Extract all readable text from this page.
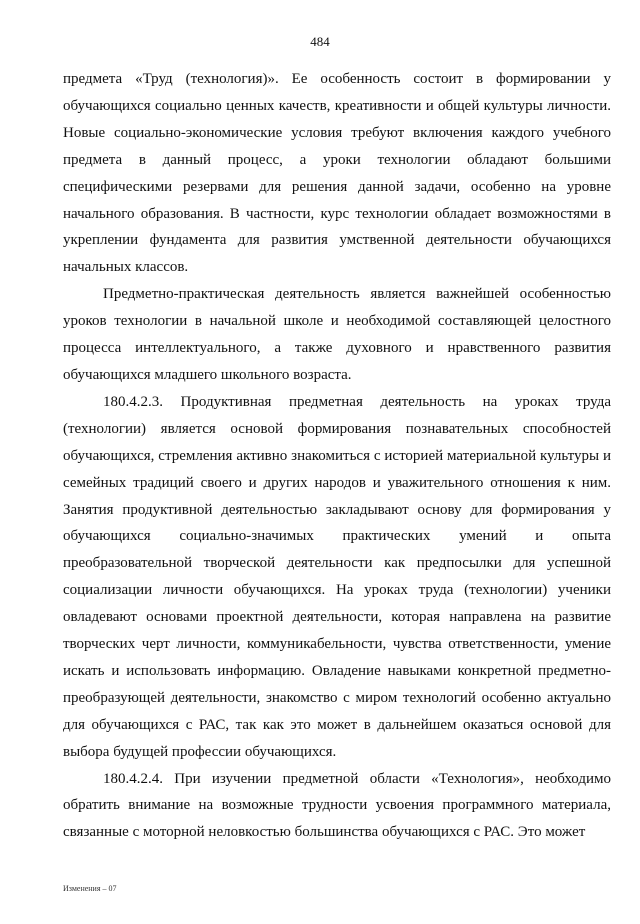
484

предмета «Труд (технология)». Ее особенность состоит в формировании у обучающихся социально ценных качеств, креативности и общей культуры личности. Новые социально-экономические условия требуют включения каждого учебного предмета в данный процесс, а уроки технологии обладают большими специфическими резервами для решения данной задачи, особенно на уровне начального образования. В частности, курс технологии обладает возможностями в укреплении фундамента для развития умственной деятельности обучающихся начальных классов.

Предметно-практическая деятельность является важнейшей особенностью уроков технологии в начальной школе и необходимой составляющей целостного процесса интеллектуального, а также духовного и нравственного развития обучающихся младшего школьного возраста.

180.4.2.3. Продуктивная предметная деятельность на уроках труда (технологии) является основой формирования познавательных способностей обучающихся, стремления активно знакомиться с историей материальной культуры и семейных традиций своего и других народов и уважительного отношения к ним. Занятия продуктивной деятельностью закладывают основу для формирования у обучающихся социально-значимых практических умений и опыта преобразовательной творческой деятельности как предпосылки для успешной социализации личности обучающихся. На уроках труда (технологии) ученики овладевают основами проектной деятельности, которая направлена на развитие творческих черт личности, коммуникабельности, чувства ответственности, умение искать и использовать информацию. Овладение навыками конкретной предметно-преобразующей деятельности, знакомство с миром технологий особенно актуально для обучающихся с РАС, так как это может в дальнейшем оказаться основой для выбора будущей профессии обучающихся.

180.4.2.4. При изучении предметной области «Технология», необходимо обратить внимание на возможные трудности усвоения программного материала, связанные с моторной неловкостью большинства обучающихся с РАС. Это может

Изменения – 07
